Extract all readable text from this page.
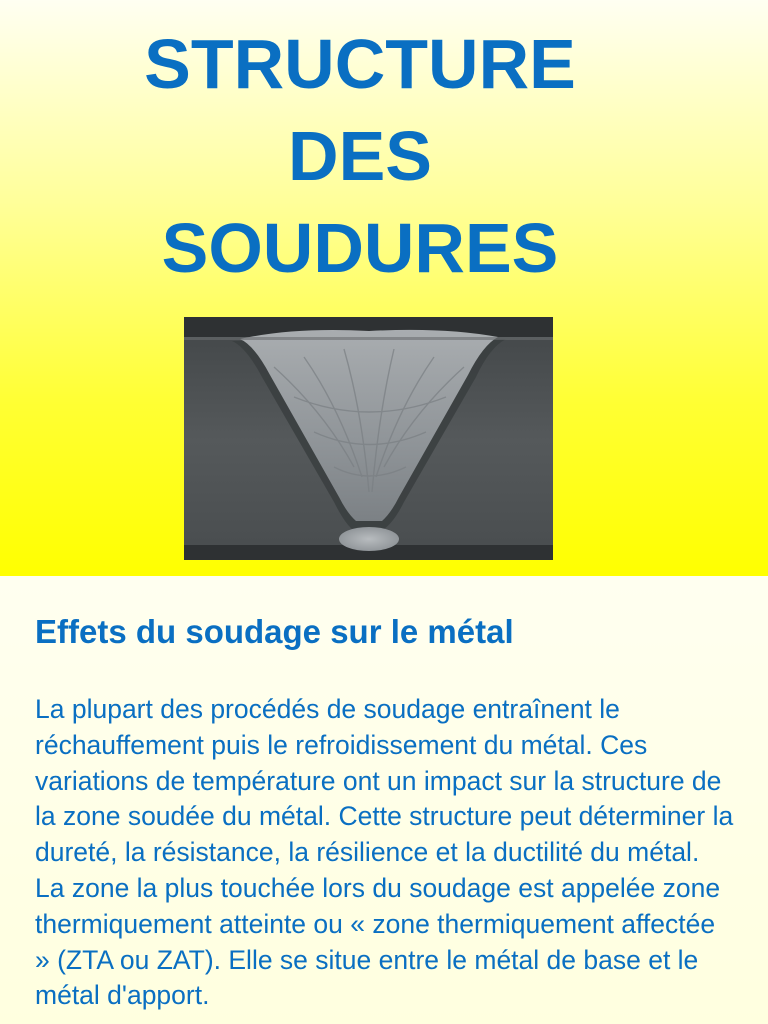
STRUCTURE
DES
SOUDURES
Effets du soudage sur le métal

La plupart des procédés de soudage entraînent le réchauffement puis le refroidissement du métal. Ces variations de température ont un impact sur la structure de la zone soudée du métal. Cette structure peut déterminer la dureté, la résistance, la résilience et la ductilité du métal. La zone la plus touchée lors du soudage est appelée zone thermiquement atteinte ou « zone thermiquement affectée » (ZTA ou ZAT). Elle se situe entre le métal de base et le métal d'apport.
